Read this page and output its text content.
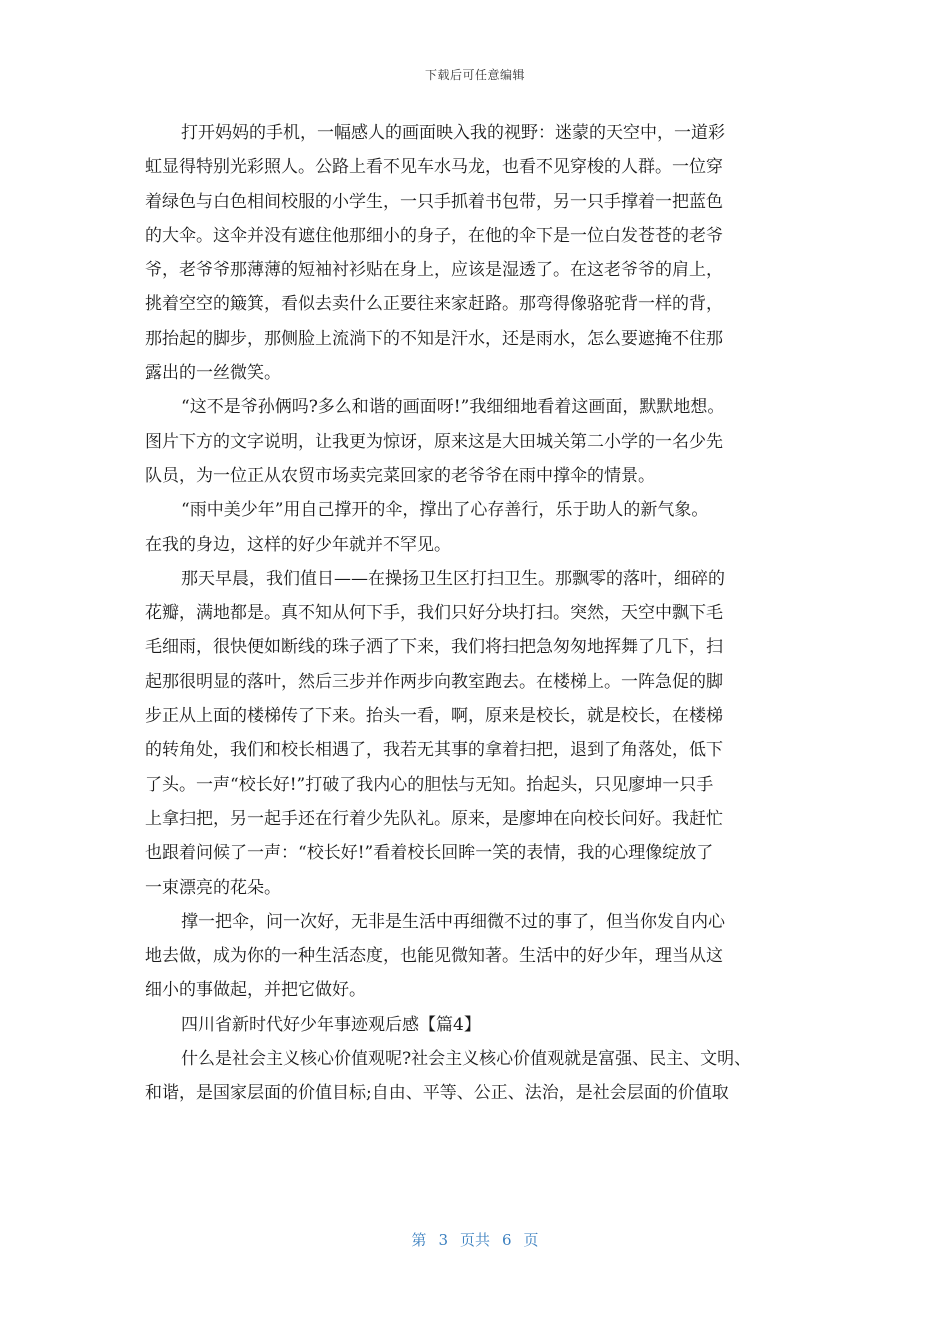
下载后可任意编辑
打开妈妈的手机，一幅感人的画面映入我的视野：迷蒙的天空中，一道彩
虹显得特别光彩照人。公路上看不见车水马龙，也看不见穿梭的人群。一位穿
着绿色与白色相间校服的小学生，一只手抓着书包带，另一只手撑着一把蓝色
的大伞。这伞并没有遮住他那细小的身子，在他的伞下是一位白发苍苍的老爷
爷，老爷爷那薄薄的短袖衬衫贴在身上，应该是湿透了。在这老爷爷的肩上，
挑着空空的簸箕，看似去卖什么正要往来家赶路。那弯得像骆驼背一样的背，
那抬起的脚步，那侧脸上流淌下的不知是汗水，还是雨水，怎么要遮掩不住那
露出的一丝微笑。
“这不是爷孙俩吗?多么和谐的画面呀!”我细细地看着这画面，默默地想。
图片下方的文字说明，让我更为惊讶，原来这是大田城关第二小学的一名少先
队员，为一位正从农贸市场卖完菜回家的老爷爷在雨中撑伞的情景。
“雨中美少年”用自己撑开的伞，撑出了心存善行，乐于助人的新气象。
在我的身边，这样的好少年就并不罕见。
那天早晨，我们值日——在操扬卫生区打扫卫生。那飘零的落叶，细碎的
花瓣，满地都是。真不知从何下手，我们只好分块打扫。突然，天空中飘下毛
毛细雨，很快便如断线的珠子洒了下来，我们将扫把急匆匆地挥舞了几下，扫
起那很明显的落叶，然后三步并作两步向教室跑去。在楼梯上。一阵急促的脚
步正从上面的楼梯传了下来。抬头一看，啊，原来是校长，就是校长，在楼梯
的转角处，我们和校长相遇了，我若无其事的拿着扫把，退到了角落处，低下
了头。一声“校长好!”打破了我内心的胆怯与无知。抬起头，只见廖坤一只手
上拿扫把，另一起手还在行着少先队礼。原来，是廖坤在向校长问好。我赶忙
也跟着问候了一声：“校长好!”看着校长回眸一笑的表情，我的心理像绽放了
一束漂亮的花朵。
撑一把伞，问一次好，无非是生活中再细微不过的事了，但当你发自内心
地去做，成为你的一种生活态度，也能见微知著。生活中的好少年，理当从这
细小的事做起，并把它做好。
四川省新时代好少年事迹观后感【篇4】
什么是社会主义核心价值观呢?社会主义核心价值观就是富强、民主、文明、
和谐，是国家层面的价值目标;自由、平等、公正、法治，是社会层面的价值取
第 3 页共 6 页
